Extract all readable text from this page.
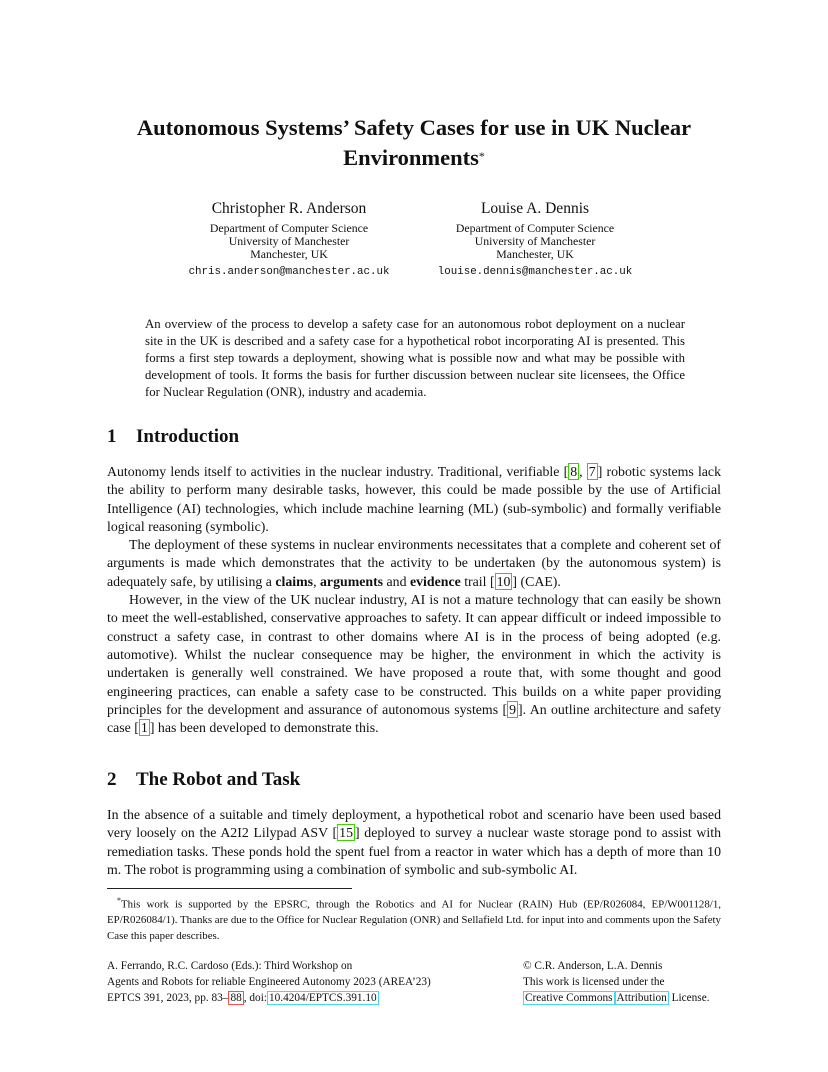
Autonomous Systems’ Safety Cases for use in UK Nuclear
Environments*
Christopher R. Anderson
Department of Computer Science
University of Manchester
Manchester, UK
chris.anderson@manchester.ac.uk
Louise A. Dennis
Department of Computer Science
University of Manchester
Manchester, UK
louise.dennis@manchester.ac.uk
An overview of the process to develop a safety case for an autonomous robot deployment on a nuclear site in the UK is described and a safety case for a hypothetical robot incorporating AI is presented. This forms a first step towards a deployment, showing what is possible now and what may be possible with development of tools. It forms the basis for further discussion between nuclear site licensees, the Office for Nuclear Regulation (ONR), industry and academia.
1 Introduction

Autonomy lends itself to activities in the nuclear industry. Traditional, verifiable [ 8 , 7 ] robotic systems lack the ability to perform many desirable tasks, however, this could be made possible by the use of Artificial Intelligence (AI) technologies, which include machine learning (ML) (sub-symbolic) and formally verifiable logical reasoning (symbolic).

The deployment of these systems in nuclear environments necessitates that a complete and coherent set of arguments is made which demonstrates that the activity to be undertaken (by the autonomous system) is adequately safe, by utilising a claims, arguments and evidence trail [ 10 ] (CAE).

However, in the view of the UK nuclear industry, AI is not a mature technology that can easily be shown to meet the well-established, conservative approaches to safety. It can appear difficult or indeed impossible to construct a safety case, in contrast to other domains where AI is in the process of being adopted (e.g. automotive). Whilst the nuclear consequence may be higher, the environment in which the activity is undertaken is generally well constrained. We have proposed a route that, with some thought and good engineering practices, can enable a safety case to be constructed. This builds on a white paper providing principles for the development and assurance of autonomous systems [ 9 ]. An outline architecture and safety case [ 1 ] has been developed to demonstrate this.

2 The Robot and Task

In the absence of a suitable and timely deployment, a hypothetical robot and scenario have been used based very loosely on the A2I2 Lilypad ASV [ 15 ] deployed to survey a nuclear waste storage pond to assist with remediation tasks. These ponds hold the spent fuel from a reactor in water which has a depth of more than 10 m. The robot is programming using a combination of symbolic and sub-symbolic AI.

*This work is supported by the EPSRC, through the Robotics and AI for Nuclear (RAIN) Hub (EP/R026084, EP/W001128/1, EP/R026084/1). Thanks are due to the Office for Nuclear Regulation (ONR) and Sellafield Ltd. for input into and comments upon the Safety Case this paper describes.
A. Ferrando, R.C. Cardoso (Eds.): Third Workshop on
Agents and Robots for reliable Engineered Autonomy 2023 (AREA’23)
EPTCS 391, 2023, pp. 83– 88 , doi: 10.4204/EPTCS.391.10
© C.R. Anderson, L.A. Dennis
This work is licensed under the
Creative Commons Attribution License.
